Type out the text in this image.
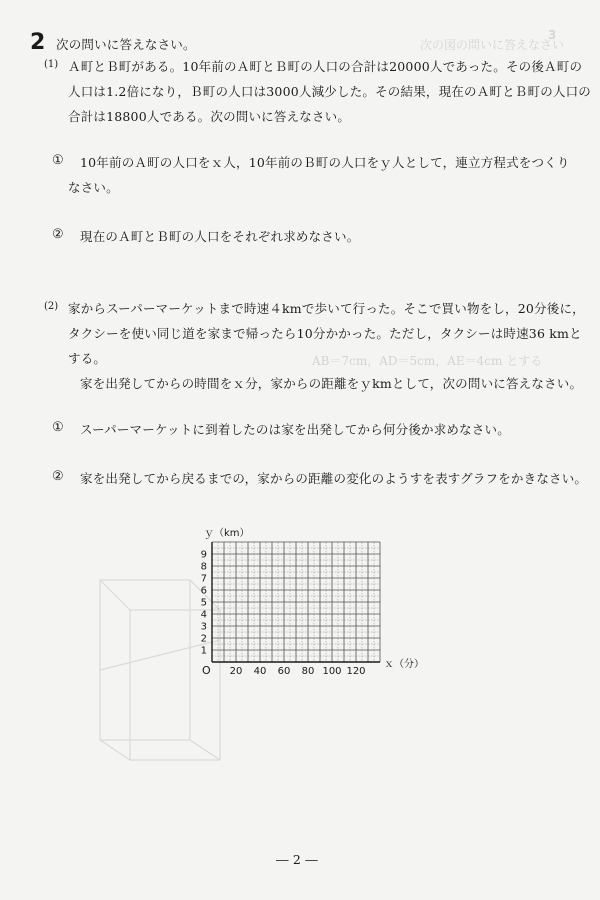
3
次の図の問いに答えなさい
AB＝7cm，AD＝5cm，AE＝4cm とする
2 次の問いに答えなさい。
(1) Ａ町とＢ町がある。10年前のＡ町とＢ町の人口の合計は20000人であった。その後Ａ町の
人口は1.2倍になり，Ｂ町の人口は3000人減少した。その結果，現在のＡ町とＢ町の人口の
合計は18800人である。次の問いに答えなさい。
① 10年前のＡ町の人口をｘ人，10年前のＢ町の人口をｙ人として，連立方程式をつくり
なさい。
② 現在のＡ町とＢ町の人口をそれぞれ求めなさい。
(2) 家からスーパーマーケットまで時速４kmで歩いて行った。そこで買い物をし，20分後に，
タクシーを使い同じ道を家まで帰ったら10分かかった。ただし，タクシーは時速36 kmと
する。
家を出発してからの時間をｘ分，家からの距離をｙkmとして，次の問いに答えなさい。
① スーパーマーケットに到着したのは家を出発してから何分後か求めなさい。
② 家を出発してから戻るまでの，家からの距離の変化のようすを表すグラフをかきなさい。
20 40 60 80 100 120
1
2
3
4
5
6
7
8
9
ｙ（km）
ｘ（分）
O
― 2 ―
